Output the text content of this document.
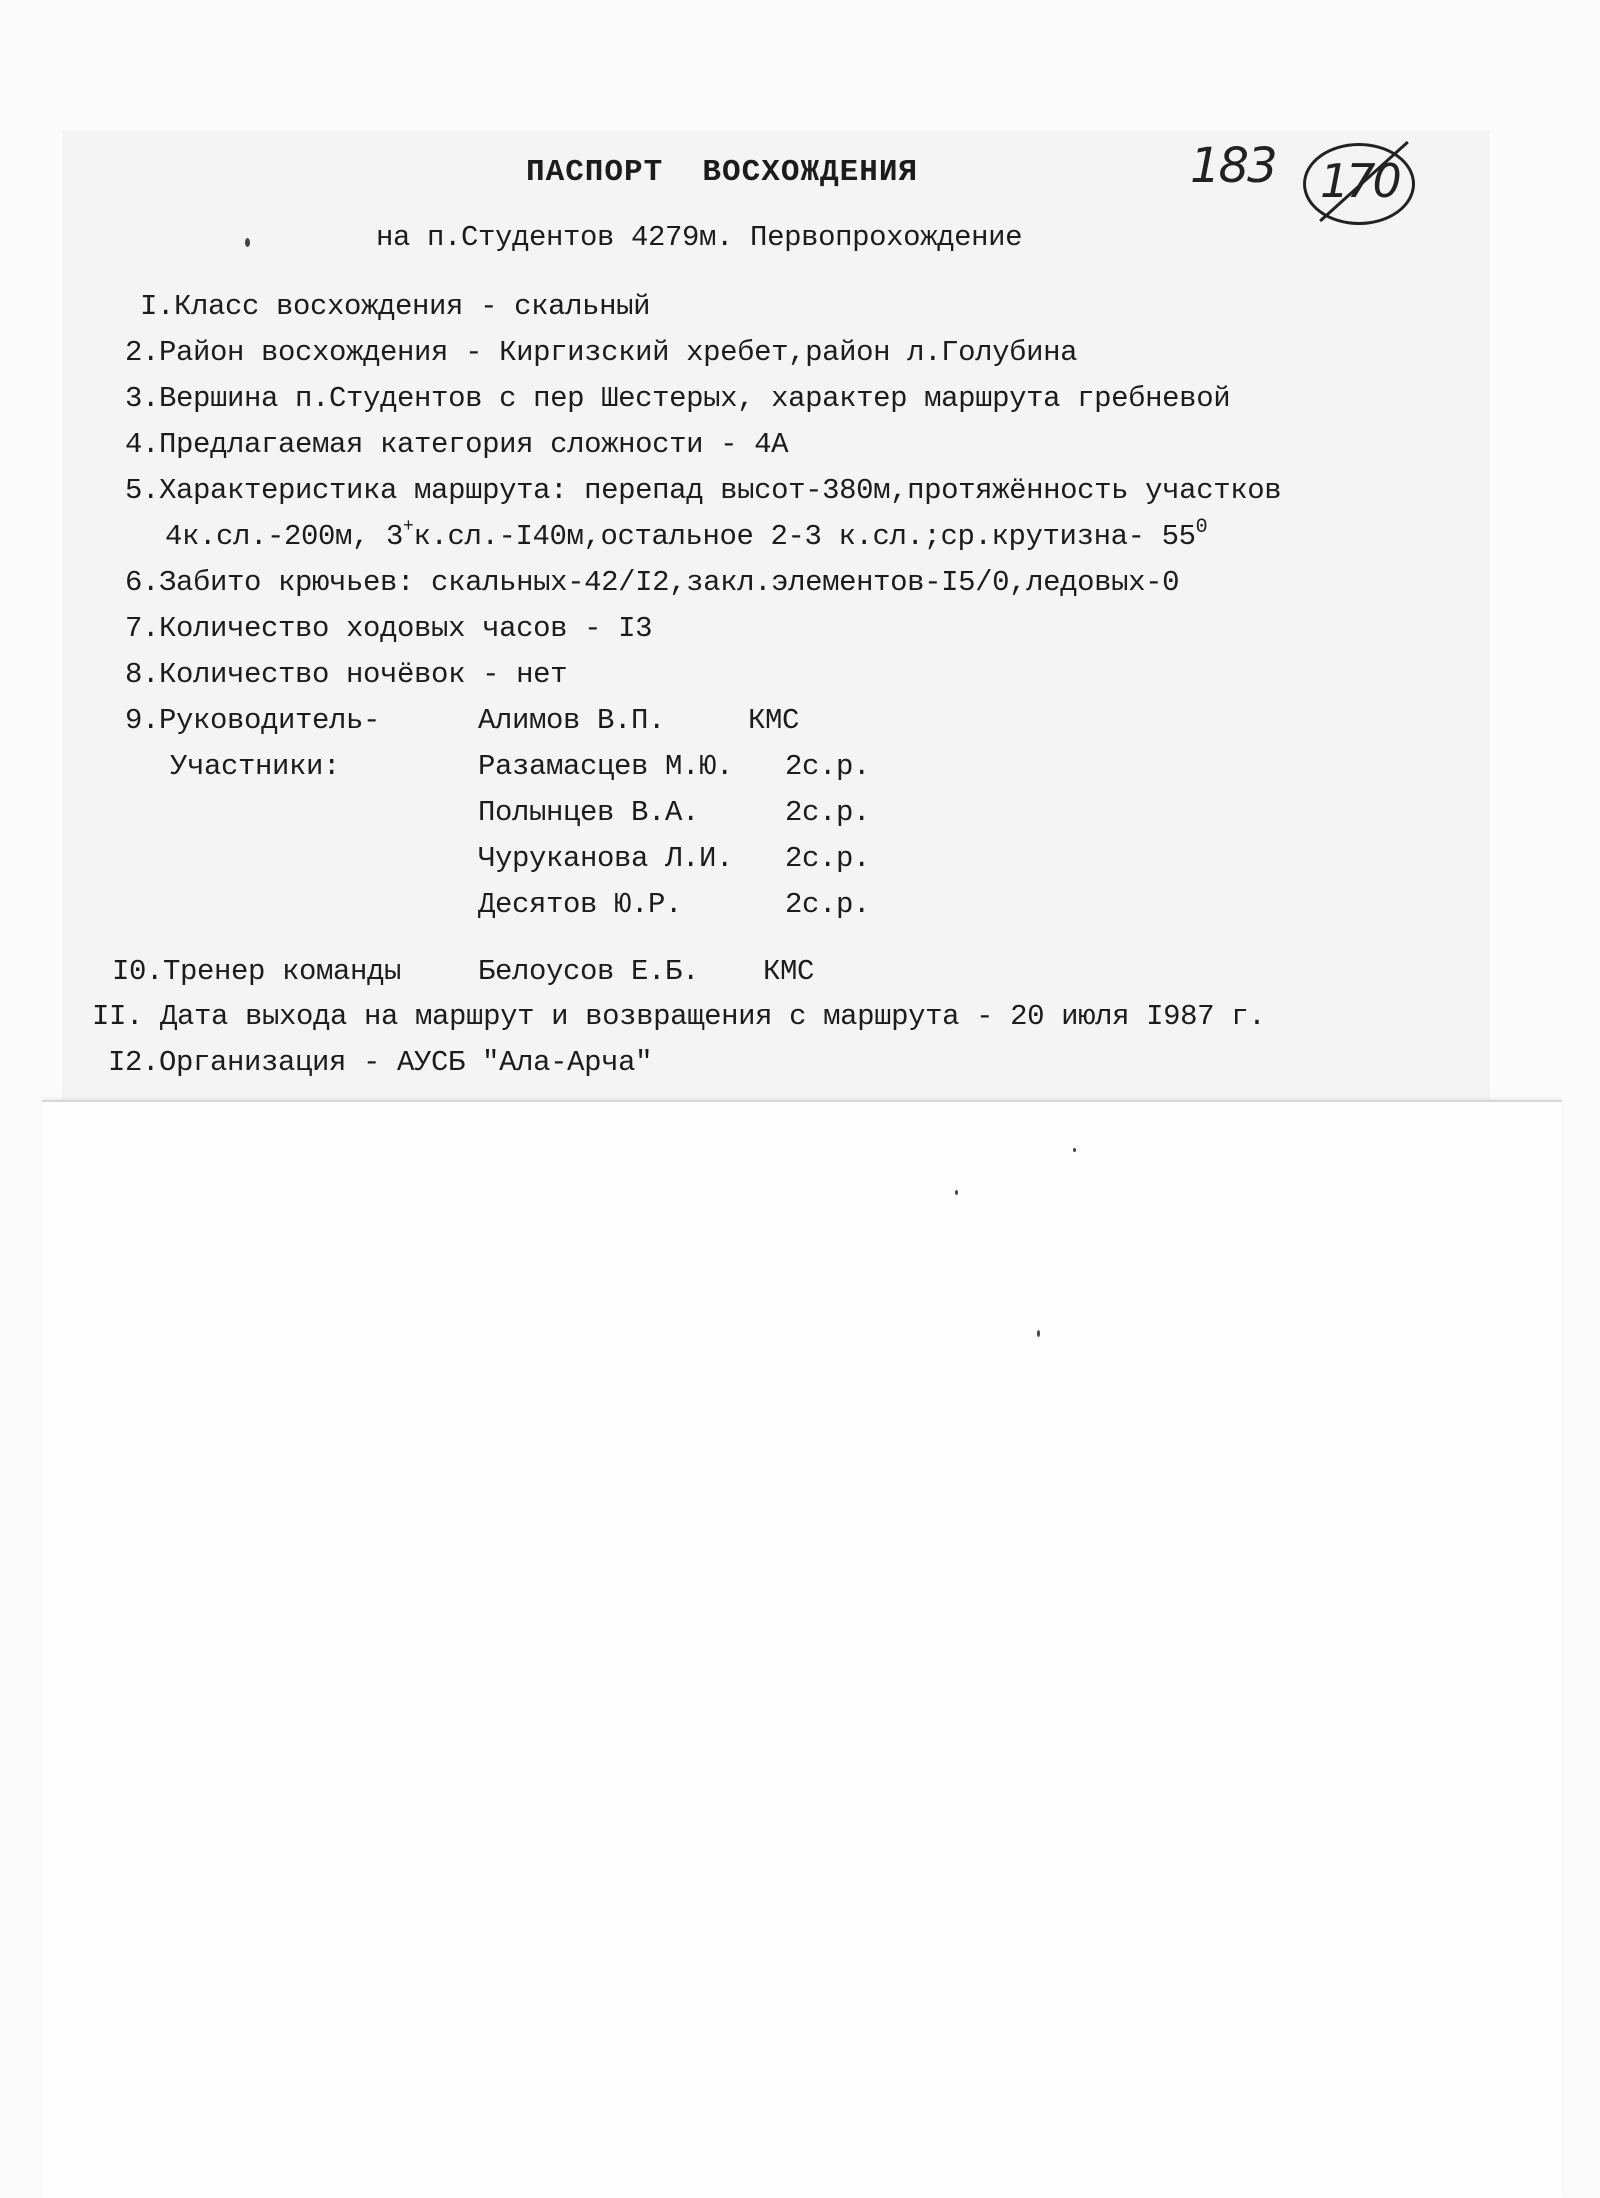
183 170
ПАСПОРТ  ВОСХОЖДЕНИЯ
на п.Студентов 4279м. Первопрохождение
I.Класс восхождения - скальный
2.Район восхождения - Киргизский хребет,район л.Голубина
3.Вершина п.Студентов с пер Шестерых, характер маршрута гребневой
4.Предлагаемая категория сложности - 4А
5.Характеристика маршрута: перепад высот-380м,протяжённость участков
4к.сл.-200м, 3+к.сл.-I40м,остальное 2-3 к.сл.;ср.крутизна- $55^0$
6.Забито крючьев: скальных-42/I2,закл.элементов-I5/0,ледовых-0
7.Количество ходовых часов - I3
8.Количество ночёвок - нет
9.Руководитель-
Участники:
Алимов В.П.	КМС
Разамасцев М.Ю. 2с.р.
Полынцев В.А.	2с.р.
Чуруканова Л.И. 2с.р.
Десятов Ю.Р.	2с.р.
I0.Тренер команды	Белоусов Е.Б. КМС
II. Дата выхода на маршрут и возвращения с маршрута - 20 июля I987 г.
I2.Организация - АУСБ "Ала-Арча"
